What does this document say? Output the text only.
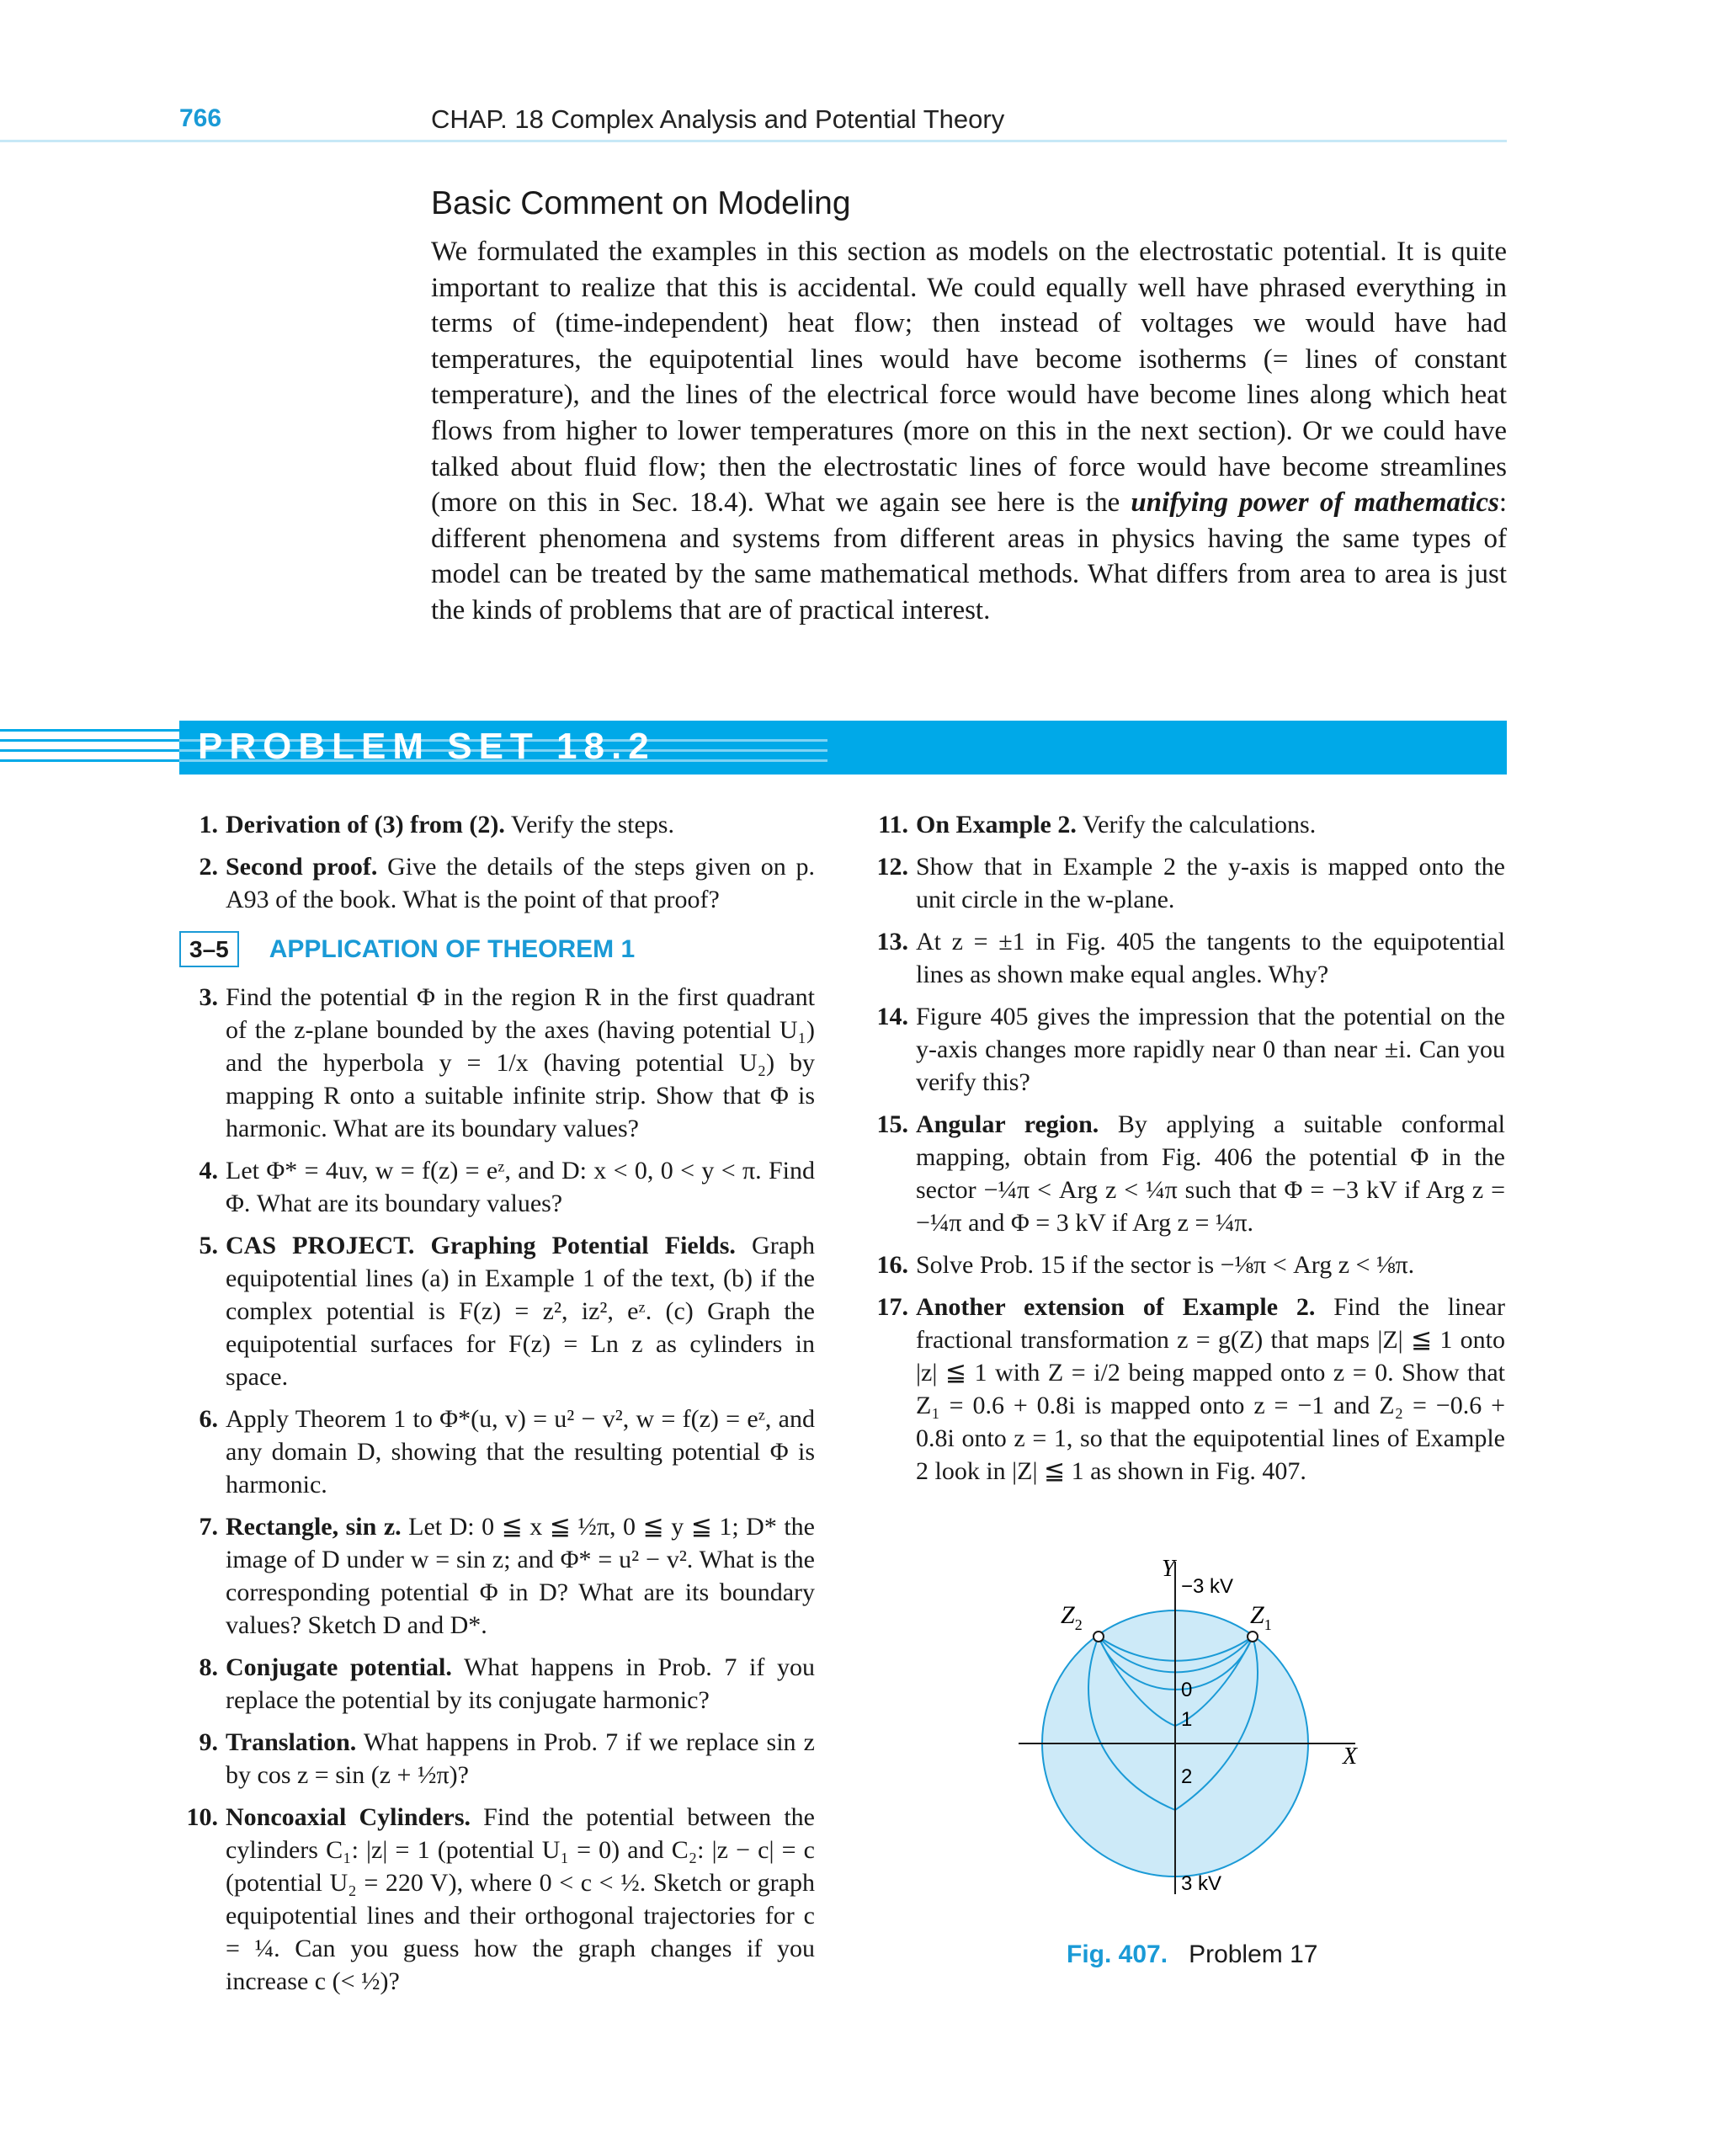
766	CHAP. 18 Complex Analysis and Potential Theory
Basic Comment on Modeling

We formulated the examples in this section as models on the electrostatic potential. It is quite important to realize that this is accidental. We could equally well have phrased everything in terms of (time-independent) heat flow; then instead of voltages we would have had temperatures, the equipotential lines would have become isotherms (= lines of constant temperature), and the lines of the electrical force would have become lines along which heat flows from higher to lower temperatures (more on this in the next section). Or we could have talked about fluid flow; then the electrostatic lines of force would have become streamlines (more on this in Sec. 18.4). What we again see here is the unifying power of mathematics: different phenomena and systems from different areas in physics having the same types of model can be treated by the same mathematical methods. What differs from area to area is just the kinds of problems that are of practical interest.

PROBLEM SET 18.2

1. Derivation of (3) from (2). Verify the steps.

2. Second proof. Give the details of the steps given on p. A93 of the book. What is the point of that proof?

3–5	APPLICATION OF THEOREM 1

3. Find the potential Φ in the region R in the first quadrant of the z-plane bounded by the axes (having potential U₁) and the hyperbola y = 1/x (having potential U₂) by mapping R onto a suitable infinite strip. Show that Φ is harmonic. What are its boundary values?

4. Let Φ* = 4uv, w = f(z) = eᶻ, and D: x < 0, 0 < y < π. Find Φ. What are its boundary values?

5. CAS PROJECT. Graphing Potential Fields. Graph equipotential lines (a) in Example 1 of the text, (b) if the complex potential is F(z) = z², iz², eᶻ. (c) Graph the equipotential surfaces for F(z) = Ln z as cylinders in space.

6. Apply Theorem 1 to Φ*(u, v) = u² − v², w = f(z) = eᶻ, and any domain D, showing that the resulting potential Φ is harmonic.

7. Rectangle, sin z. Let D: 0 ≦ x ≦ ½π, 0 ≦ y ≦ 1; D* the image of D under w = sin z; and Φ* = u² − v². What is the corresponding potential Φ in D? What are its boundary values? Sketch D and D*.

8. Conjugate potential. What happens in Prob. 7 if you replace the potential by its conjugate harmonic?

9. Translation. What happens in Prob. 7 if we replace sin z by cos z = sin (z + ½π)?

10. Noncoaxial Cylinders. Find the potential between the cylinders C₁: |z| = 1 (potential U₁ = 0) and C₂: |z − c| = c (potential U₂ = 220 V), where 0 < c < ½. Sketch or graph equipotential lines and their orthogonal trajectories for c = ¼. Can you guess how the graph changes if you increase c (< ½)?

11. On Example 2. Verify the calculations.

12. Show that in Example 2 the y-axis is mapped onto the unit circle in the w-plane.

13. At z = ±1 in Fig. 405 the tangents to the equipotential lines as shown make equal angles. Why?

14. Figure 405 gives the impression that the potential on the y-axis changes more rapidly near 0 than near ±i. Can you verify this?

15. Angular region. By applying a suitable conformal mapping, obtain from Fig. 406 the potential Φ in the sector −¼π < Arg z < ¼π such that Φ = −3 kV if Arg z = −¼π and Φ = 3 kV if Arg z = ¼π.

16. Solve Prob. 15 if the sector is −⅛π < Arg z < ⅛π.

17. Another extension of Example 2. Find the linear fractional transformation z = g(Z) that maps |Z| ≦ 1 onto |z| ≦ 1 with Z = i/2 being mapped onto z = 0. Show that Z₁ = 0.6 + 0.8i is mapped onto z = −1 and Z₂ = −0.6 + 0.8i onto z = 1, so that the equipotential lines of Example 2 look in |Z| ≦ 1 as shown in Fig. 407.

Y
X
−3 kV
3 kV
$Z_2$	$Z_1$
0
1
2
Fig. 407. Problem 17
